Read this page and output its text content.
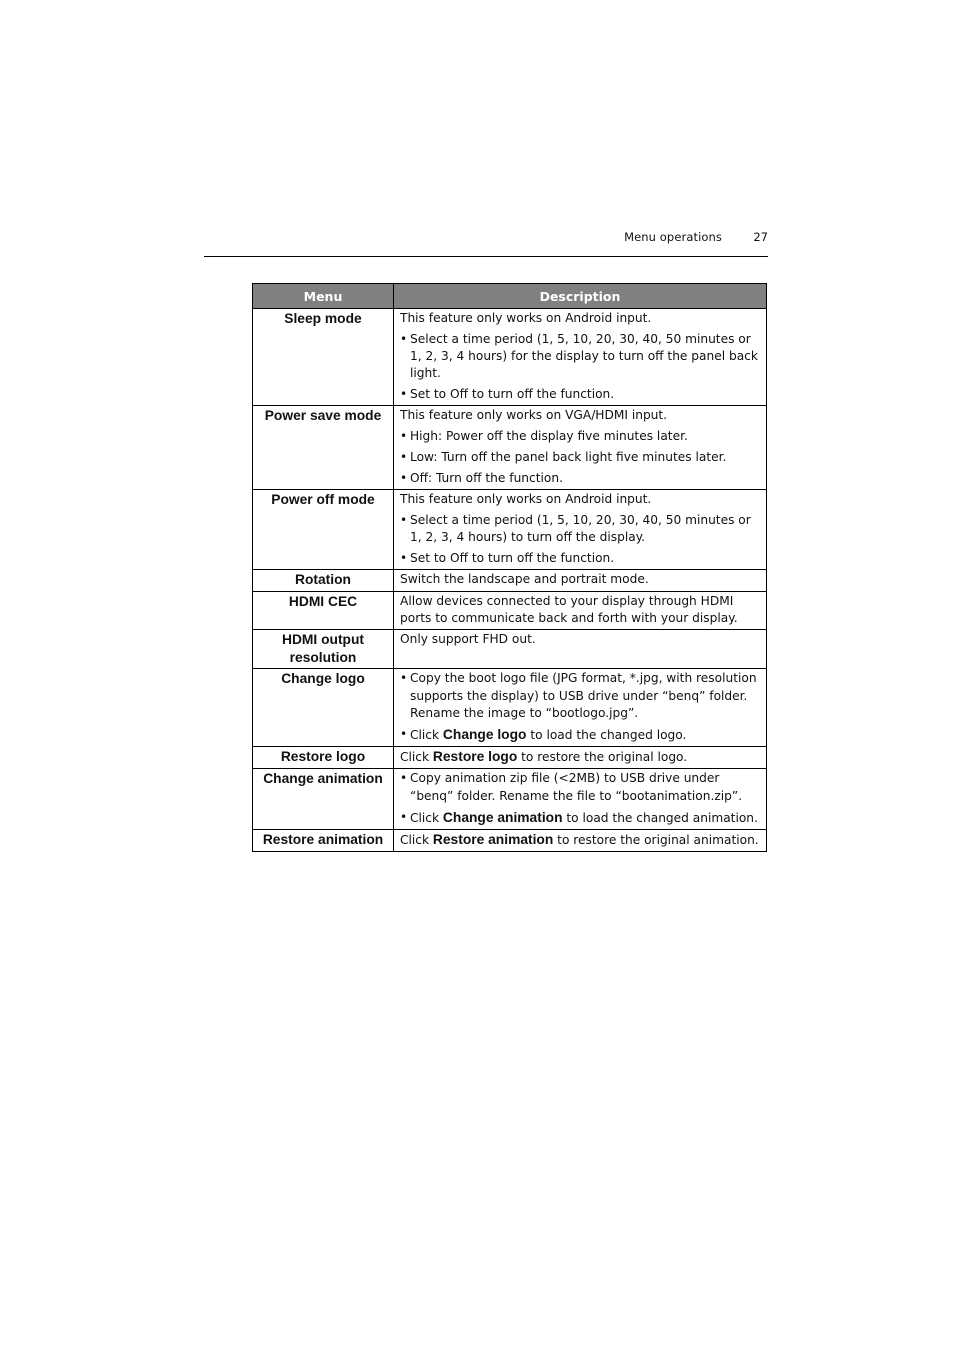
Menu operations	27
Menu	Description
Sleep mode	This feature only works on Android input.
• Select a time period (1, 5, 10, 20, 30, 40, 50 minutes or 1, 2, 3, 4 hours) for the display to turn off the panel back light.
• Set to Off to turn off the function.

Power save mode	This feature only works on VGA/HDMI input.
• High: Power off the display five minutes later.
• Low: Turn off the panel back light five minutes later.
• Off: Turn off the function.

Power off mode	This feature only works on Android input.
• Select a time period (1, 5, 10, 20, 30, 40, 50 minutes or 1, 2, 3, 4 hours) to turn off the display.
• Set to Off to turn off the function.

Rotation	Switch the landscape and portrait mode.

HDMI CEC	Allow devices connected to your display through HDMI ports to communicate back and forth with your display.

HDMI output resolution	Only support FHD out.

Change logo	• Copy the boot logo file (JPG format, *.jpg, with resolution supports the display) to USB drive under “benq” folder. Rename the image to “bootlogo.jpg”.
• Click Change logo to load the changed logo.

Restore logo	Click Restore logo to restore the original logo.

Change animation	• Copy animation zip file (<2MB) to USB drive under “benq” folder. Rename the file to “bootanimation.zip”.
• Click Change animation to load the changed animation.

Restore animation	Click Restore animation to restore the original animation.
